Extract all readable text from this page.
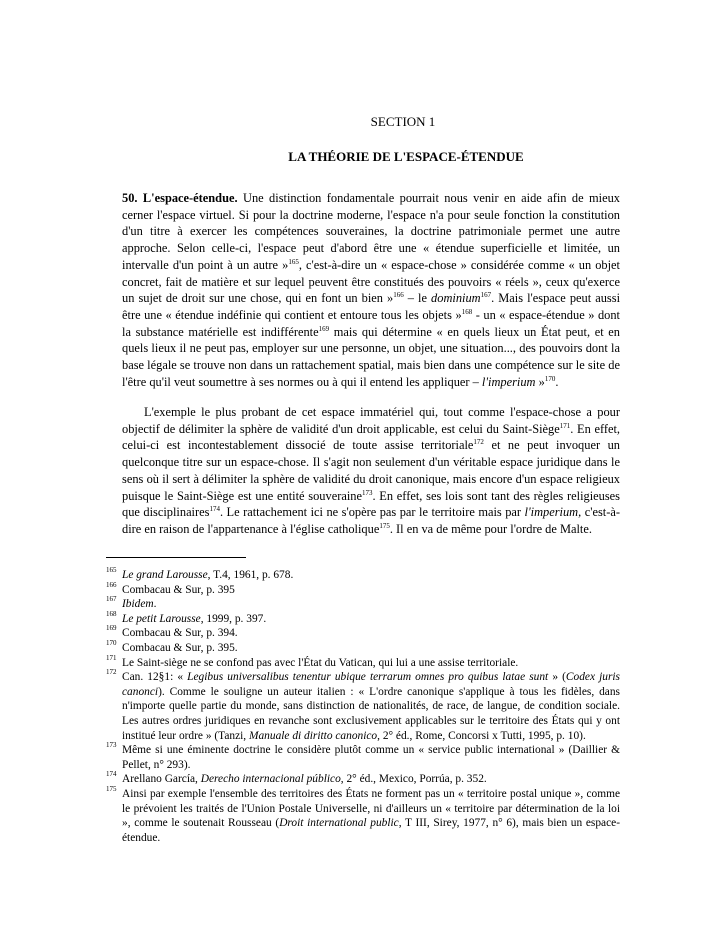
SECTION 1
LA THÉORIE DE L'ESPACE-ÉTENDUE
50. L'espace-étendue. Une distinction fondamentale pourrait nous venir en aide afin de mieux cerner l'espace virtuel. Si pour la doctrine moderne, l'espace n'a pour seule fonction la constitution d'un titre à exercer les compétences souveraines, la doctrine patrimoniale permet une autre approche. Selon celle-ci, l'espace peut d'abord être une « étendue superficielle et limitée, un intervalle d'un point à un autre »$^{165}$, c'est-à-dire un « espace-chose » considérée comme « un objet concret, fait de matière et sur lequel peuvent être constitués des pouvoirs « réels », ceux qu'exerce un sujet de droit sur une chose, qui en font un bien »$^{166}$ – le dominium$^{167}$. Mais l'espace peut aussi être une « étendue indéfinie qui contient et entoure tous les objets »$^{168}$ - un « espace-étendue » dont la substance matérielle est indifférente$^{169}$ mais qui détermine « en quels lieux un État peut, et en quels lieux il ne peut pas, employer sur une personne, un objet, une situation..., des pouvoirs dont la base légale se trouve non dans un rattachement spatial, mais bien dans une compétence sur le site de l'être qu'il veut soumettre à ses normes ou à qui il entend les appliquer – l'imperium »$^{170}$.
L'exemple le plus probant de cet espace immatériel qui, tout comme l'espace-chose a pour objectif de délimiter la sphère de validité d'un droit applicable, est celui du Saint-Siège$^{171}$. En effet, celui-ci est incontestablement dissocié de toute assise territoriale$^{172}$ et ne peut invoquer un quelconque titre sur un espace-chose. Il s'agit non seulement d'un véritable espace juridique dans le sens où il sert à délimiter la sphère de validité du droit canonique, mais encore d'un espace religieux puisque le Saint-Siège est une entité souveraine$^{173}$. En effet, ses lois sont tant des règles religieuses que disciplinaires$^{174}$. Le rattachement ici ne s'opère pas par le territoire mais par l'imperium, c'est-à-dire en raison de l'appartenance à l'église catholique$^{175}$. Il en va de même pour l'ordre de Malte.
165 Le grand Larousse, T.4, 1961, p. 678.
166 Combacau & Sur, p. 395
167 Ibidem.
168 Le petit Larousse, 1999, p. 397.
169 Combacau & Sur, p. 394.
170 Combacau & Sur, p. 395.
171 Le Saint-siège ne se confond pas avec l'État du Vatican, qui lui a une assise territoriale.
172 Can. 12§1: « Legibus universalibus tenentur ubique terrarum omnes pro quibus latae sunt » (Codex juris canonci). Comme le souligne un auteur italien : « L'ordre canonique s'applique à tous les fidèles, dans n'importe quelle partie du monde, sans distinction de nationalités, de race, de langue, de condition sociale. Les autres ordres juridiques en revanche sont exclusivement applicables sur le territoire des États qui y ont institué leur ordre » (Tanzi, Manuale di diritto canonico, 2° éd., Rome, Concorsi x Tutti, 1995, p. 10).
173 Même si une éminente doctrine le considère plutôt comme un « service public international » (Daillier & Pellet, n° 293).
174 Arellano García, Derecho internacional público, 2° éd., Mexico, Porrúa, p. 352.
175 Ainsi par exemple l'ensemble des territoires des États ne forment pas un « territoire postal unique », comme le prévoient les traités de l'Union Postale Universelle, ni d'ailleurs un « territoire par détermination de la loi », comme le soutenait Rousseau (Droit international public, T III, Sirey, 1977, n° 6), mais bien un espace-étendue.
